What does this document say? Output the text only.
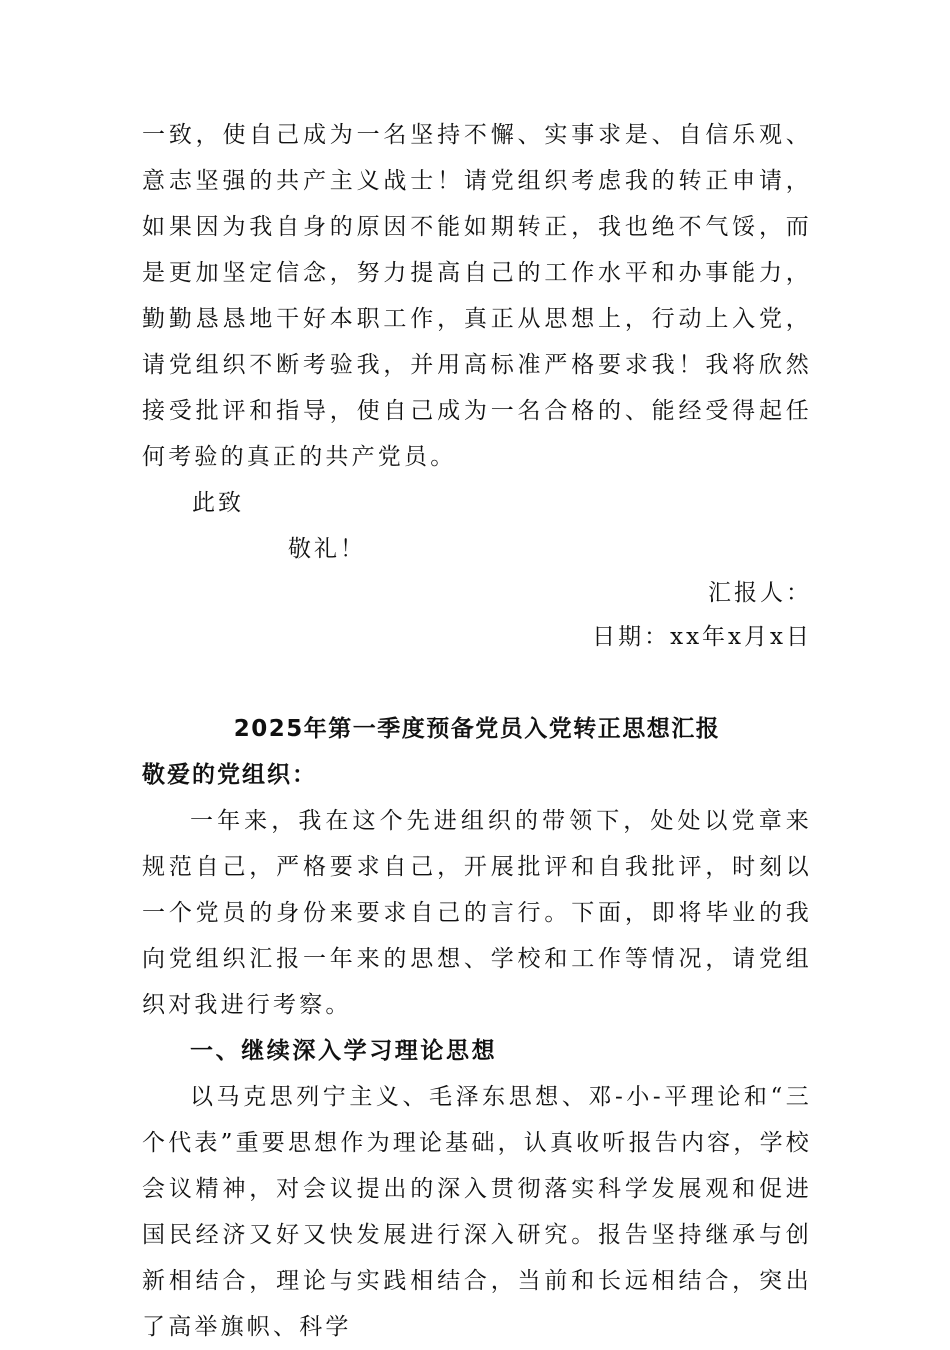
一致，使自己成为一名坚持不懈、实事求是、自信乐观、意志坚强的共产主义战士！请党组织考虑我的转正申请，如果因为我自身的原因不能如期转正，我也绝不气馁，而是更加坚定信念，努力提高自己的工作水平和办事能力，勤勤恳恳地干好本职工作，真正从思想上，行动上入党，请党组织不断考验我，并用高标准严格要求我！我将欣然接受批评和指导，使自己成为一名合格的、能经受得起任何考验的真正的共产党员。

此致

敬礼！

汇报人：

日期：xx年x月x日

2025年第一季度预备党员入党转正思想汇报

敬爱的党组织：

一年来，我在这个先进组织的带领下，处处以党章来规范自己，严格要求自己，开展批评和自我批评，时刻以一个党员的身份来要求自己的言行。下面，即将毕业的我向党组织汇报一年来的思想、学校和工作等情况，请党组织对我进行考察。

一、继续深入学习理论思想

以马克思列宁主义、毛泽东思想、邓-小-平理论和“三个代表”重要思想作为理论基础，认真收听报告内容，学校会议精神，对会议提出的深入贯彻落实科学发展观和促进国民经济又好又快发展进行深入研究。报告坚持继承与创新相结合，理论与实践相结合，当前和长远相结合，突出了高举旗帜、科学
